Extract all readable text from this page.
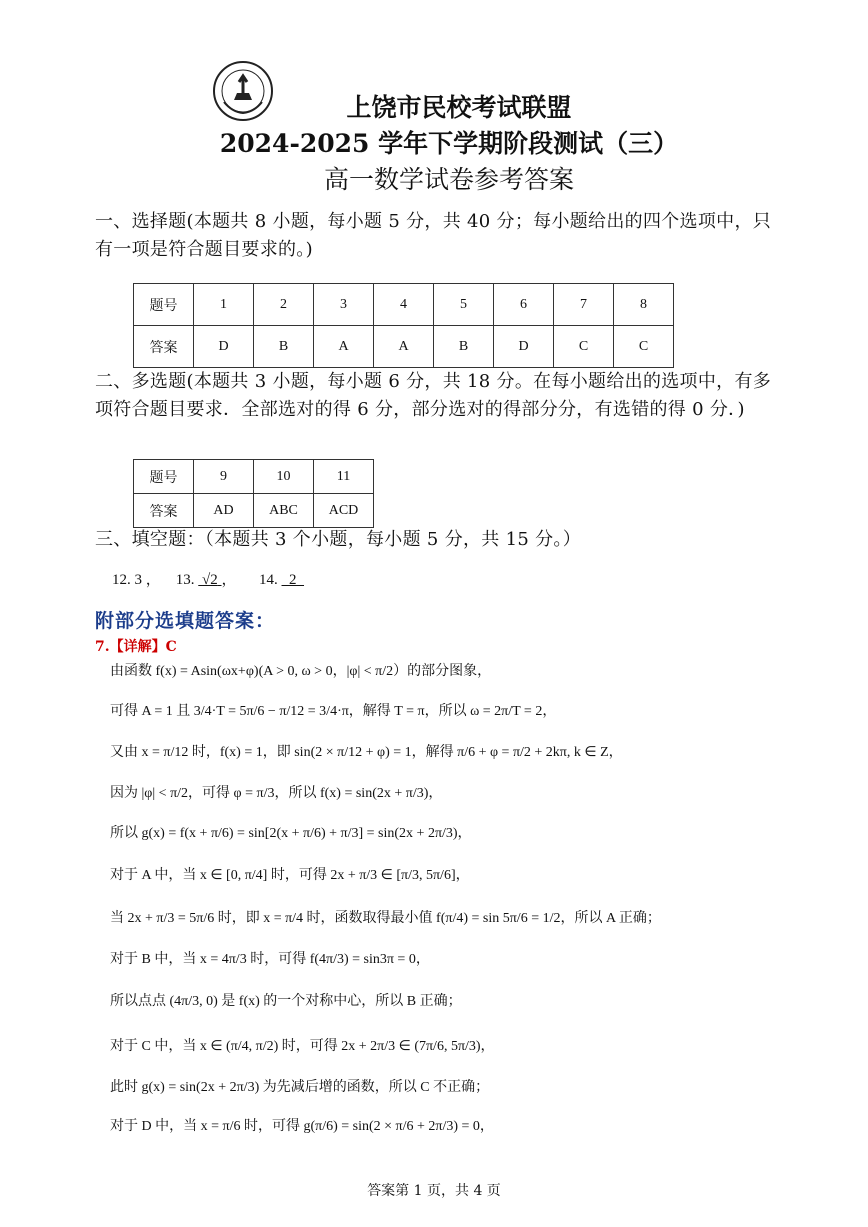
上饶市民校考试联盟
2024-2025 学年下学期阶段测试（三）
高一数学试卷参考答案
一、选择题(本题共 8 小题，每小题 5 分，共 40 分；每小题给出的四个选项中，只有一项是符合题目要求的。)
题号	1	2	3	4	5	6	7	8
答案	D	B	A	A	B	D	C	C
二、多选题(本题共 3 小题，每小题 6 分，共 18 分。在每小题给出的选项中，有多项符合题目要求．全部选对的得 6 分，部分选对的得部分分，有选错的得 0 分．)
题号	9	10	11
答案	AD	ABC	ACD
三、填空题：（本题共 3 个小题，每小题 5 分，共 15 分。）
12. 3 ， 13. √2 ，      14. 2
附部分选填题答案：
7.【详解】C
由函数 f(x) = Asin(ωx+φ)(A > 0, ω > 0，|φ| < π/2）的部分图象，
可得 A = 1 且 3/4·T = 5π/6 − π/12 = 3/4·π，解得 T = π，所以 ω = 2π/T = 2，
又由 x = π/12 时，f(x) = 1，即 sin(2 × π/12 + φ) = 1，解得 π/6 + φ = π/2 + 2kπ, k ∈ Z，
因为 |φ| < π/2，可得 φ = π/3，所以 f(x) = sin(2x + π/3)，
所以 g(x) = f(x + π/6) = sin[2(x + π/6) + π/3] = sin(2x + 2π/3)，
对于 A 中，当 x ∈ [0, π/4] 时，可得 2x + π/3 ∈ [π/3, 5π/6]，
当 2x + π/3 = 5π/6 时，即 x = π/4 时，函数取得最小值 f(π/4) = sin 5π/6 = 1/2，所以 A 正确；
对于 B 中，当 x = 4π/3 时，可得 f(4π/3) = sin3π = 0，
所以点点 (4π/3, 0) 是 f(x) 的一个对称中心，所以 B 正确；
对于 C 中，当 x ∈ (π/4, π/2) 时，可得 2x + 2π/3 ∈ (7π/6, 5π/3)，
此时 g(x) = sin(2x + 2π/3) 为先减后增的函数，所以 C 不正确；
对于 D 中，当 x = π/6 时，可得 g(π/6) = sin(2 × π/6 + 2π/3) = 0，
答案第 1 页，共 4 页
